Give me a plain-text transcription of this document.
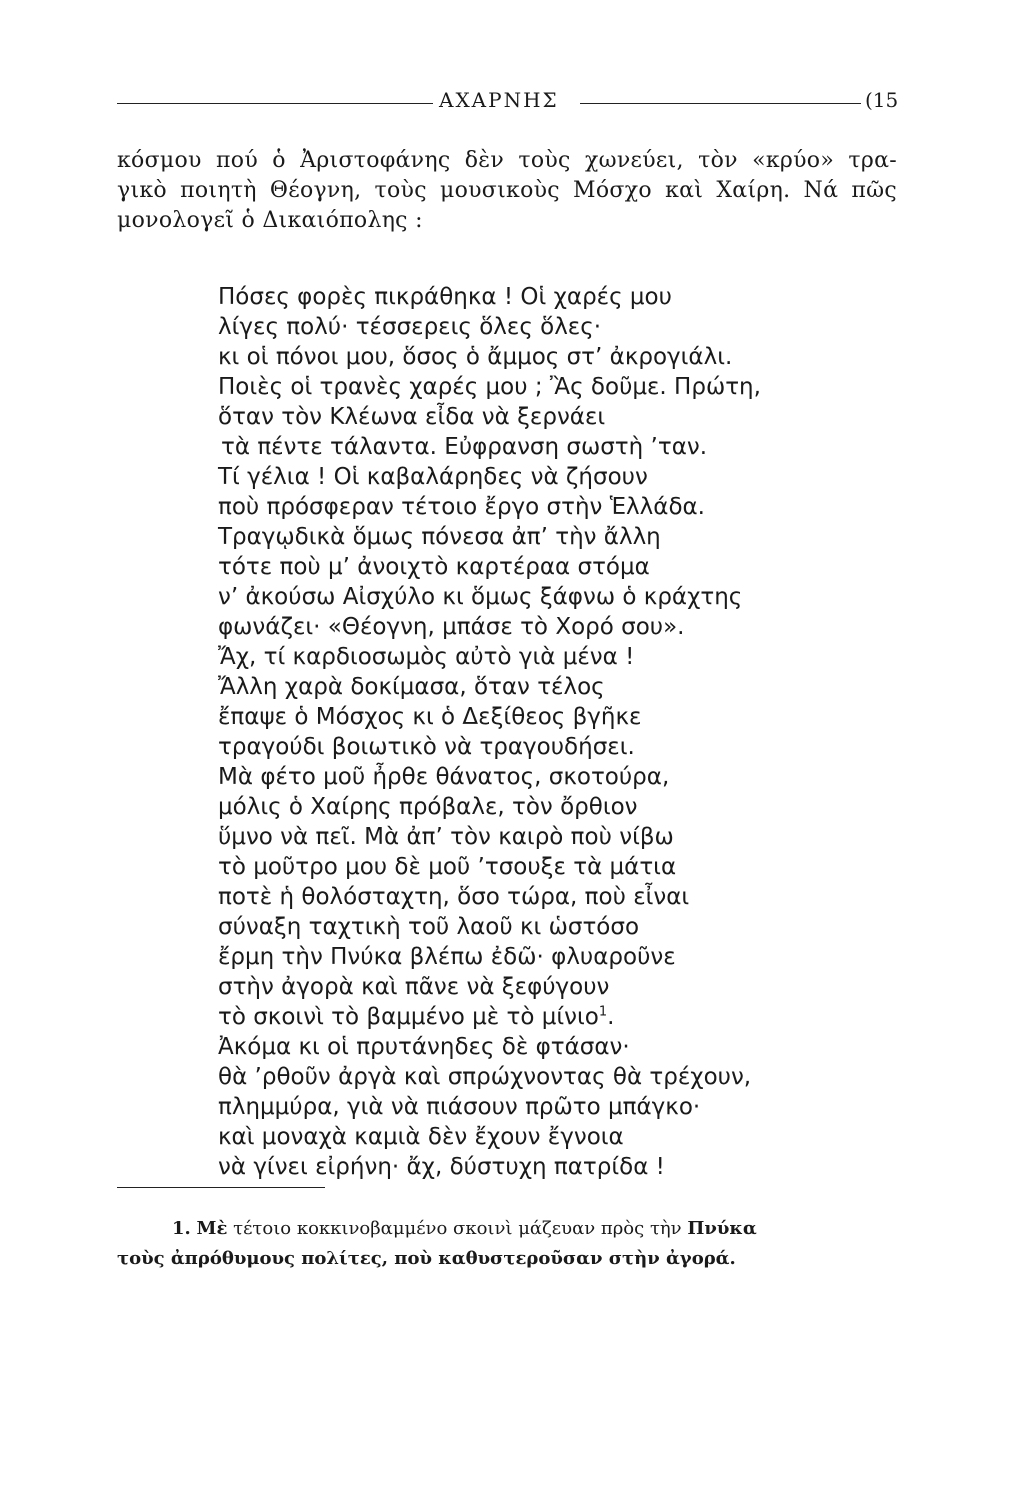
ΑΧΑΡΝΗΣ	(15
κόσμου πού ὁ Ἀριστοφάνης δὲν τοὺς χωνεύει, τὸν «κρύο» τρα-
γικὸ ποιητὴ Θέογνη, τοὺς μουσικοὺς Μόσχο καὶ Χαίρη. Νά πῶς
μονολογεῖ ὁ Δικαιόπολης :
Πόσες φορὲς πικράθηκα ! Οἱ χαρές μου
λίγες πολύ· τέσσερεις ὅλες ὅλες·
κι οἱ πόνοι μου, ὅσος ὁ ἄμμος στ’ ἀκρογιάλι.
Ποιὲς οἱ τρανὲς χαρές μου ; Ἂς δοῦμε. Πρώτη,
ὅταν τὸν Κλέωνα εἶδα νὰ ξερνάει
τὰ πέντε τάλαντα. Εὐφρανση σωστὴ ’ταν.
Τί γέλια ! Οἱ καβαλάρηδες νὰ ζήσουν
ποὺ πρόσφεραν τέτοιο ἔργο στὴν Ἑλλάδα.
Τραγῳδικὰ ὅμως πόνεσα ἀπ’ τὴν ἄλλη
τότε ποὺ μ’ ἀνοιχτὸ καρτέραα στόμα
ν’ ἀκούσω Αἰσχύλο κι ὅμως ξάφνω ὁ κράχτης
φωνάζει· «Θέογνη, μπάσε τὸ Χορό σου».
Ἄχ, τί καρδιοσωμὸς αὐτὸ γιὰ μένα !
Ἄλλη χαρὰ δοκίμασα, ὅταν τέλος
ἔπαψε ὁ Μόσχος κι ὁ Δεξίθεος βγῆκε
τραγούδι βοιωτικὸ νὰ τραγουδήσει.
Μὰ φέτο μοῦ ἦρθε θάνατος, σκοτούρα,
μόλις ὁ Χαίρης πρόβαλε, τὸν ὄρθιον
ὕμνο νὰ πεῖ. Μὰ ἀπ’ τὸν καιρὸ ποὺ νίβω
τὸ μοῦτρο μου δὲ μοῦ ’τσουξε τὰ μάτια
ποτὲ ἡ θολόσταχτη, ὅσο τώρα, ποὺ εἶναι
σύναξη ταχτικὴ τοῦ λαοῦ κι ὡστόσο
ἔρμη τὴν Πνύκα βλέπω ἐδῶ· φλυαροῦνε
στὴν ἀγορὰ καὶ πᾶνε νὰ ξεφύγουν
τὸ σκοινὶ τὸ βαμμένο μὲ τὸ μίνιο$^1$.
Ἀκόμα κι οἱ πρυτάνηδες δὲ φτάσαν·
θὰ ’ρθοῦν ἀργὰ καὶ σπρώχνοντας θὰ τρέχουν,
πλημμύρα, γιὰ νὰ πιάσουν πρῶτο μπάγκο·
καὶ μοναχὰ καμιὰ δὲν ἔχουν ἔγνοια
νὰ γίνει εἰρήνη· ἄχ, δύστυχη πατρίδα !
1. Μὲ τέτοιο κοκκινοβαμμένο σκοινὶ μάζευαν πρὸς τὴν Πνύκα
τοὺς ἀπρόθυμους πολίτες, ποὺ καθυστεροῦσαν στὴν ἀγορά.
